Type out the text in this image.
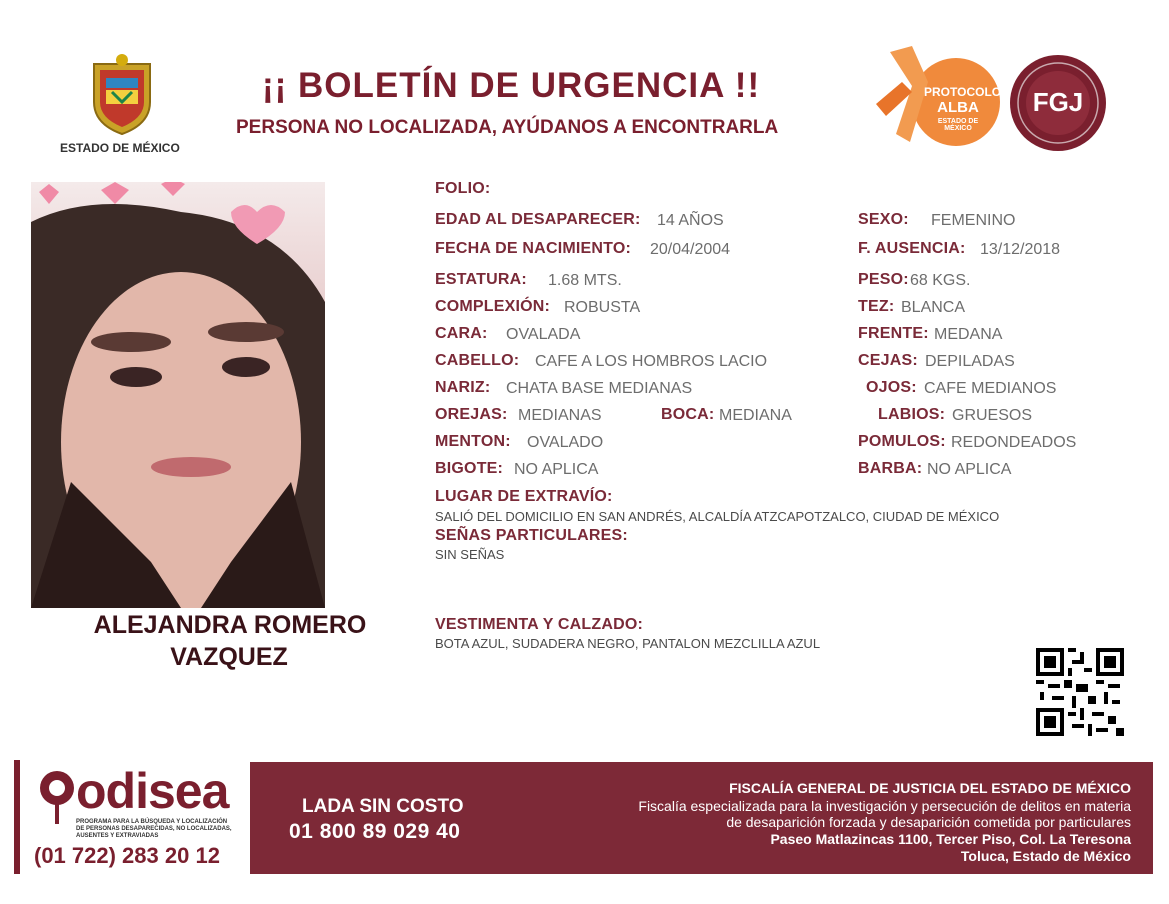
ESTADO DE MÉXICO
¡¡ BOLETÍN DE URGENCIA !!
PERSONA NO LOCALIZADA, AYÚDANOS A ENCONTRARLA
PROTOCOLO
ALBA
ESTADO DE MÉXICO
FGJ
ALEJANDRA ROMERO
VAZQUEZ
FOLIO:
EDAD AL DESAPARECER: 14 AÑOS	SEXO: FEMENINO
FECHA DE NACIMIENTO: 20/04/2004	F. AUSENCIA: 13/12/2018
ESTATURA: 1.68 MTS.	PESO: 68 KGS.
COMPLEXIÓN: ROBUSTA	TEZ: BLANCA
CARA: OVALADA	FRENTE: MEDANA
CABELLO: CAFE A LOS HOMBROS LACIO	CEJAS: DEPILADAS
NARIZ: CHATA BASE MEDIANAS	OJOS: CAFE MEDIANOS
OREJAS: MEDIANAS	BOCA: MEDIANA	LABIOS: GRUESOS
MENTON: OVALADO	POMULOS: REDONDEADOS
BIGOTE: NO APLICA	BARBA: NO APLICA
LUGAR DE EXTRAVÍO:
SALIÓ DEL DOMICILIO EN SAN ANDRÉS, ALCALDÍA ATZCAPOTZALCO, CIUDAD DE MÉXICO
SEÑAS PARTICULARES:
SIN SEÑAS
VESTIMENTA Y CALZADO:
BOTA AZUL, SUDADERA NEGRO, PANTALON MEZCLILLA AZUL
odisea
PROGRAMA PARA LA BÚSQUEDA Y LOCALIZACIÓN
DE PERSONAS DESAPARECIDAS, NO LOCALIZADAS,
AUSENTES Y EXTRAVIADAS
(01 722) 283 20 12
LADA SIN COSTO
01 800 89 029 40
FISCALÍA GENERAL DE JUSTICIA DEL ESTADO DE MÉXICO
Fiscalía especializada para la investigación y persecución de delitos en materia
de desaparición forzada y desaparición cometida por particulares
Paseo Matlazincas 1100, Tercer Piso, Col. La Teresona
Toluca, Estado de México
